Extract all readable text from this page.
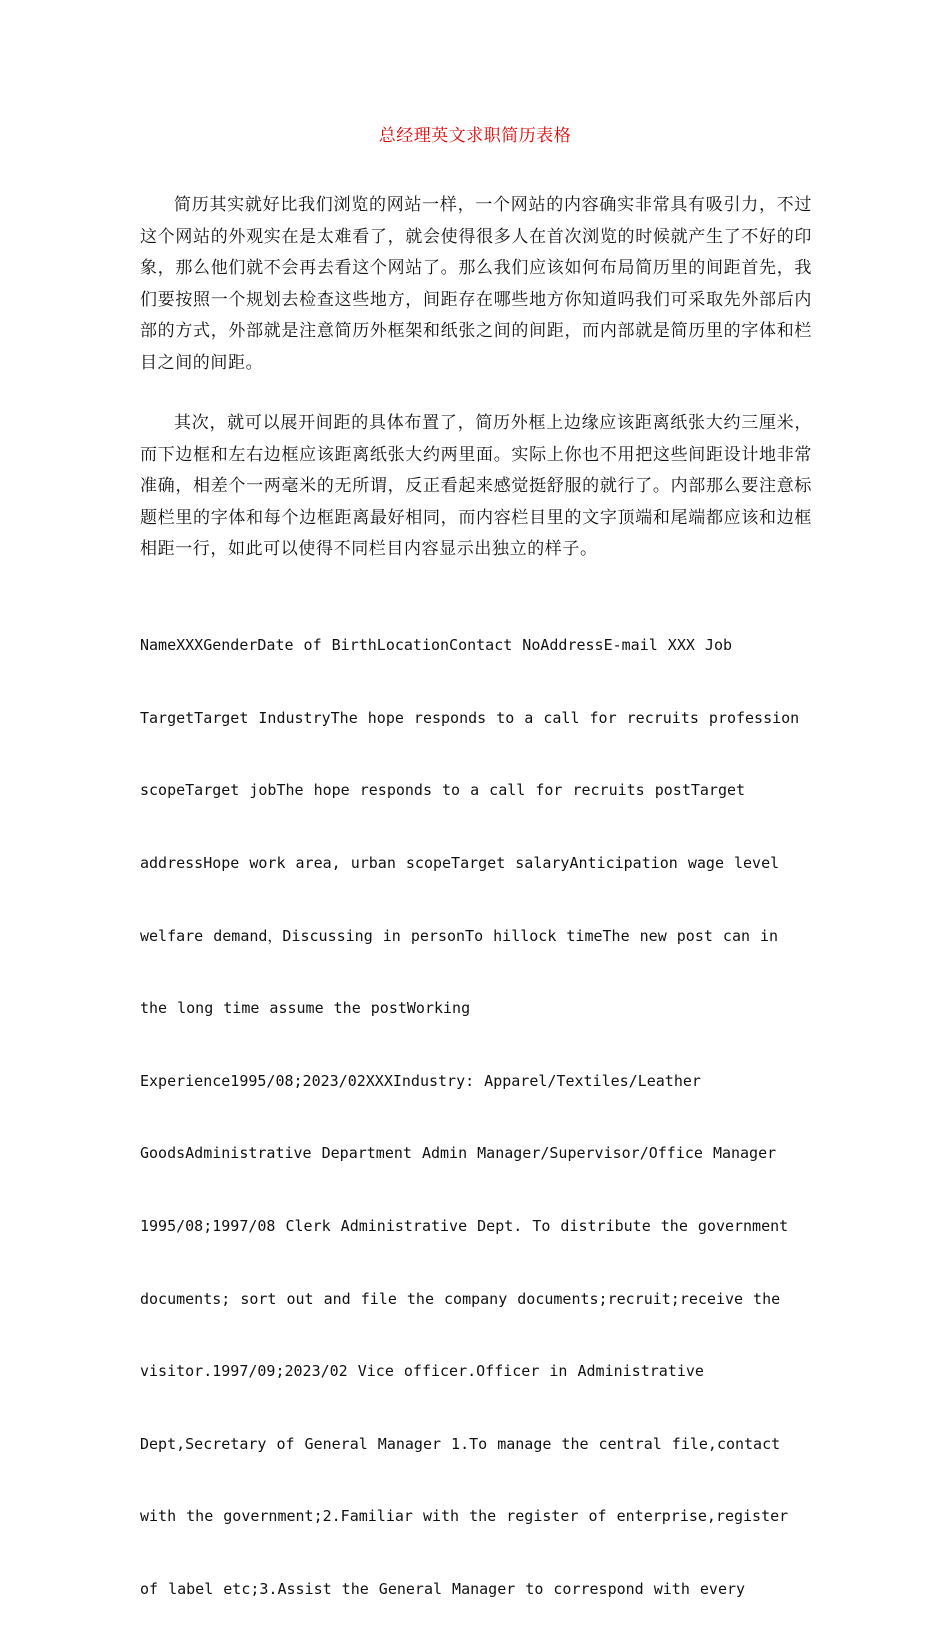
总经理英文求职简历表格

简历其实就好比我们浏览的网站一样，一个网站的内容确实非常具有吸引力，不过这个网站的外观实在是太难看了，就会使得很多人在首次浏览的时候就产生了不好的印象，那么他们就不会再去看这个网站了。那么我们应该如何布局简历里的间距首先，我们要按照一个规划去检查这些地方，间距存在哪些地方你知道吗我们可采取先外部后内部的方式，外部就是注意简历外框架和纸张之间的间距，而内部就是简历里的字体和栏目之间的间距。

其次，就可以展开间距的具体布置了，简历外框上边缘应该距离纸张大约三厘米，而下边框和左右边框应该距离纸张大约两里面。实际上你也不用把这些间距设计地非常准确，相差个一两毫米的无所谓，反正看起来感觉挺舒服的就行了。内部那么要注意标题栏里的字体和每个边框距离最好相同，而内容栏目里的文字顶端和尾端都应该和边框相距一行，如此可以使得不同栏目内容显示出独立的样子。

NameXXXGenderDate of BirthLocationContact NoAddressE-mail XXX Job

TargetTarget IndustryThe hope responds to a call for recruits profession

scopeTarget jobThe hope responds to a call for recruits postTarget

addressHope work area, urban scopeTarget salaryAnticipation wage level

welfare demand，Discussing in personTo hillock timeThe new post can in

the long time assume the postWorking

Experience1995/08;2023/02XXXIndustry: Apparel/Textiles/Leather

GoodsAdministrative Department Admin Manager/Supervisor/Office Manager

1995/08;1997/08 Clerk Administrative Dept. To distribute the government

documents; sort out and file the company documents;recruit;receive the

visitor.1997/09;2023/02 Vice officer.Officer in Administrative

Dept,Secretary of General Manager 1.To manage the central file,contact

with the government;2.Familiar with the register of enterprise,register

of label etc;3.Assist the General Manager to correspond with every
